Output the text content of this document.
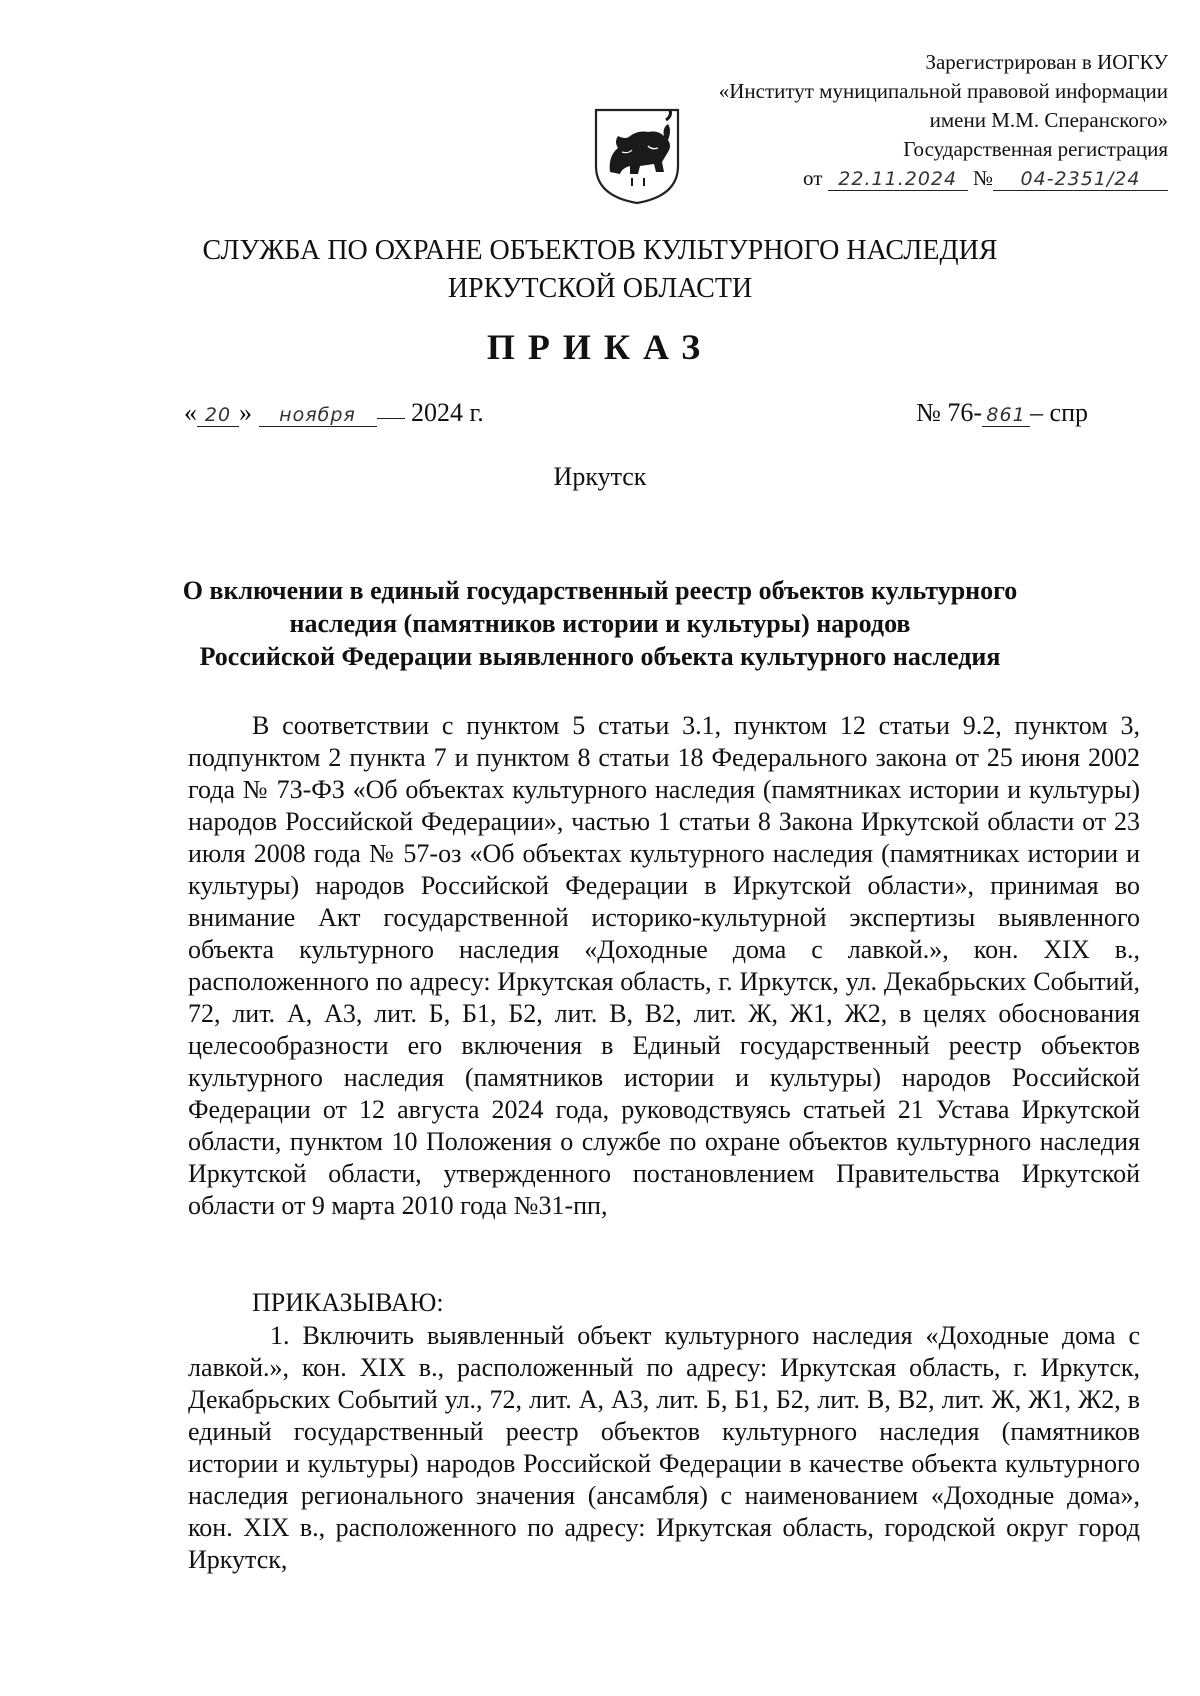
Зарегистрирован в ИОГКУ
«Институт муниципальной правовой информации
имени М.М. Сперанского»
Государственная регистрация
от 22.11.2024 № 04-2351/24
СЛУЖБА ПО ОХРАНЕ ОБЪЕКТОВ КУЛЬТУРНОГО НАСЛЕДИЯ
ИРКУТСКОЙ ОБЛАСТИ
ПРИКАЗ
« 20 » ноября 2024 г.	№ 76- 861 – спр
Иркутск
О включении в единый государственный реестр объектов культурного
наследия (памятников истории и культуры) народов
Российской Федерации выявленного объекта культурного наследия

В соответствии с пунктом 5 статьи 3.1, пунктом 12 статьи 9.2, пунктом 3, подпунктом 2 пункта 7 и пунктом 8 статьи 18 Федерального закона от 25 июня 2002 года № 73-ФЗ «Об объектах культурного наследия (памятниках истории и культуры) народов Российской Федерации», частью 1 статьи 8 Закона Иркутской области от 23 июля 2008 года № 57-оз «Об объектах культурного наследия (памятниках истории и культуры) народов Российской Федерации в Иркутской области», принимая во внимание Акт государственной историко-культурной экспертизы выявленного объекта культурного наследия «Доходные дома с лавкой.», кон. XIX в., расположенного по адресу: Иркутская область, г. Иркутск, ул. Декабрьских Событий, 72, лит. А, А3, лит. Б, Б1, Б2, лит. В, В2, лит. Ж, Ж1, Ж2, в целях обоснования целесообразности его включения в Единый государственный реестр объектов культурного наследия (памятников истории и культуры) народов Российской Федерации от 12 августа 2024 года, руководствуясь статьей 21 Устава Иркутской области, пунктом 10 Положения о службе по охране объектов культурного наследия Иркутской области, утвержденного постановлением Правительства Иркутской области от 9 марта 2010 года №31-пп,

ПРИКАЗЫВАЮ:

1. Включить выявленный объект культурного наследия «Доходные дома с лавкой.», кон. XIX в., расположенный по адресу: Иркутская область, г. Иркутск, Декабрьских Событий ул., 72, лит. А, А3, лит. Б, Б1, Б2, лит. В, В2, лит. Ж, Ж1, Ж2, в единый государственный реестр объектов культурного наследия (памятников истории и культуры) народов Российской Федерации в качестве объекта культурного наследия регионального значения (ансамбля) с наименованием «Доходные дома», кон. XIX в., расположенного по адресу: Иркутская область, городской округ город Иркутск,
